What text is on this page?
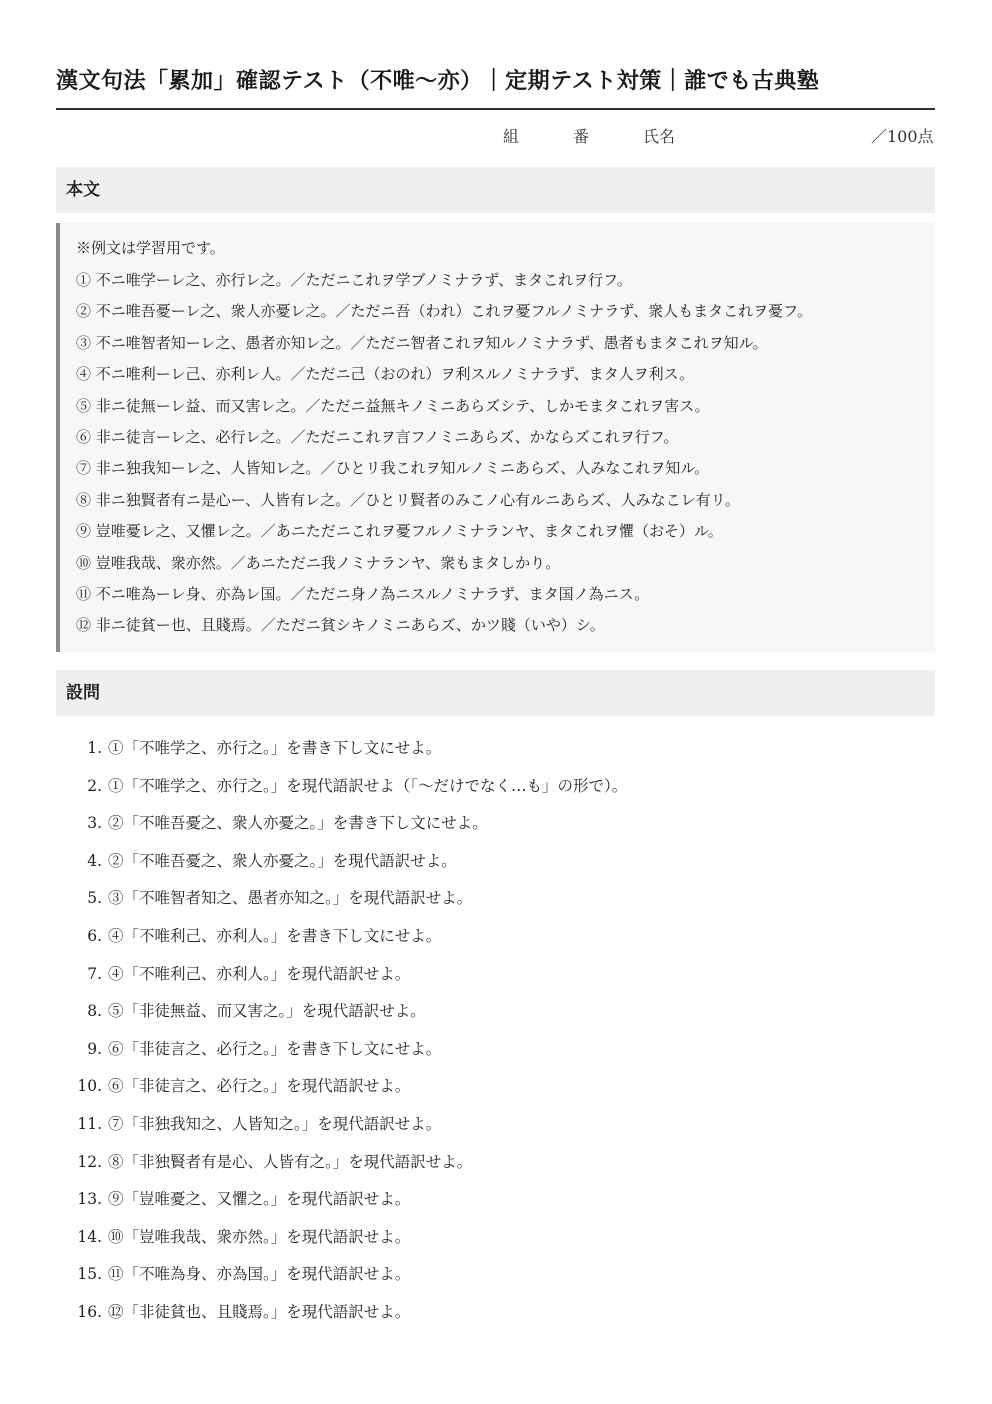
漢文句法「累加」確認テスト（不唯〜亦）｜定期テスト対策｜誰でも古典塾
組	番	氏名	／100点
本文
※例文は学習用です。
① 不ニ唯学ーレ之、亦行レ之。／ただニこれヲ学ブノミナラず、まタこれヲ行フ。
② 不ニ唯吾憂ーレ之、衆人亦憂レ之。／ただニ吾（われ）これヲ憂フルノミナラず、衆人もまタこれヲ憂フ。
③ 不ニ唯智者知ーレ之、愚者亦知レ之。／ただニ智者これヲ知ルノミナラず、愚者もまタこれヲ知ル。
④ 不ニ唯利ーレ己、亦利レ人。／ただニ己（おのれ）ヲ利スルノミナラず、まタ人ヲ利ス。
⑤ 非ニ徒無ーレ益、而又害レ之。／ただニ益無キノミニあらズシテ、しかモまタこれヲ害ス。
⑥ 非ニ徒言ーレ之、必行レ之。／ただニこれヲ言フノミニあらズ、かならズこれヲ行フ。
⑦ 非ニ独我知ーレ之、人皆知レ之。／ひとリ我これヲ知ルノミニあらズ、人みなこれヲ知ル。
⑧ 非ニ独賢者有ニ是心ー、人皆有レ之。／ひとリ賢者のみこノ心有ルニあらズ、人みなこレ有リ。
⑨ 豈唯憂レ之、又懼レ之。／あニただニこれヲ憂フルノミナランヤ、まタこれヲ懼（おそ）ル。
⑩ 豈唯我哉、衆亦然。／あニただニ我ノミナランヤ、衆もまタしかり。
⑪ 不ニ唯為ーレ身、亦為レ国。／ただニ身ノ為ニスルノミナラず、まタ国ノ為ニス。
⑫ 非ニ徒貧ー也、且賤焉。／ただニ貧シキノミニあらズ、かツ賤（いや）シ。
設問
1. ①「不唯学之、亦行之。」を書き下し文にせよ。
2. ①「不唯学之、亦行之。」を現代語訳せよ（「〜だけでなく…も」の形で）。
3. ②「不唯吾憂之、衆人亦憂之。」を書き下し文にせよ。
4. ②「不唯吾憂之、衆人亦憂之。」を現代語訳せよ。
5. ③「不唯智者知之、愚者亦知之。」を現代語訳せよ。
6. ④「不唯利己、亦利人。」を書き下し文にせよ。
7. ④「不唯利己、亦利人。」を現代語訳せよ。
8. ⑤「非徒無益、而又害之。」を現代語訳せよ。
9. ⑥「非徒言之、必行之。」を書き下し文にせよ。
10. ⑥「非徒言之、必行之。」を現代語訳せよ。
11. ⑦「非独我知之、人皆知之。」を現代語訳せよ。
12. ⑧「非独賢者有是心、人皆有之。」を現代語訳せよ。
13. ⑨「豈唯憂之、又懼之。」を現代語訳せよ。
14. ⑩「豈唯我哉、衆亦然。」を現代語訳せよ。
15. ⑪「不唯為身、亦為国。」を現代語訳せよ。
16. ⑫「非徒貧也、且賤焉。」を現代語訳せよ。
